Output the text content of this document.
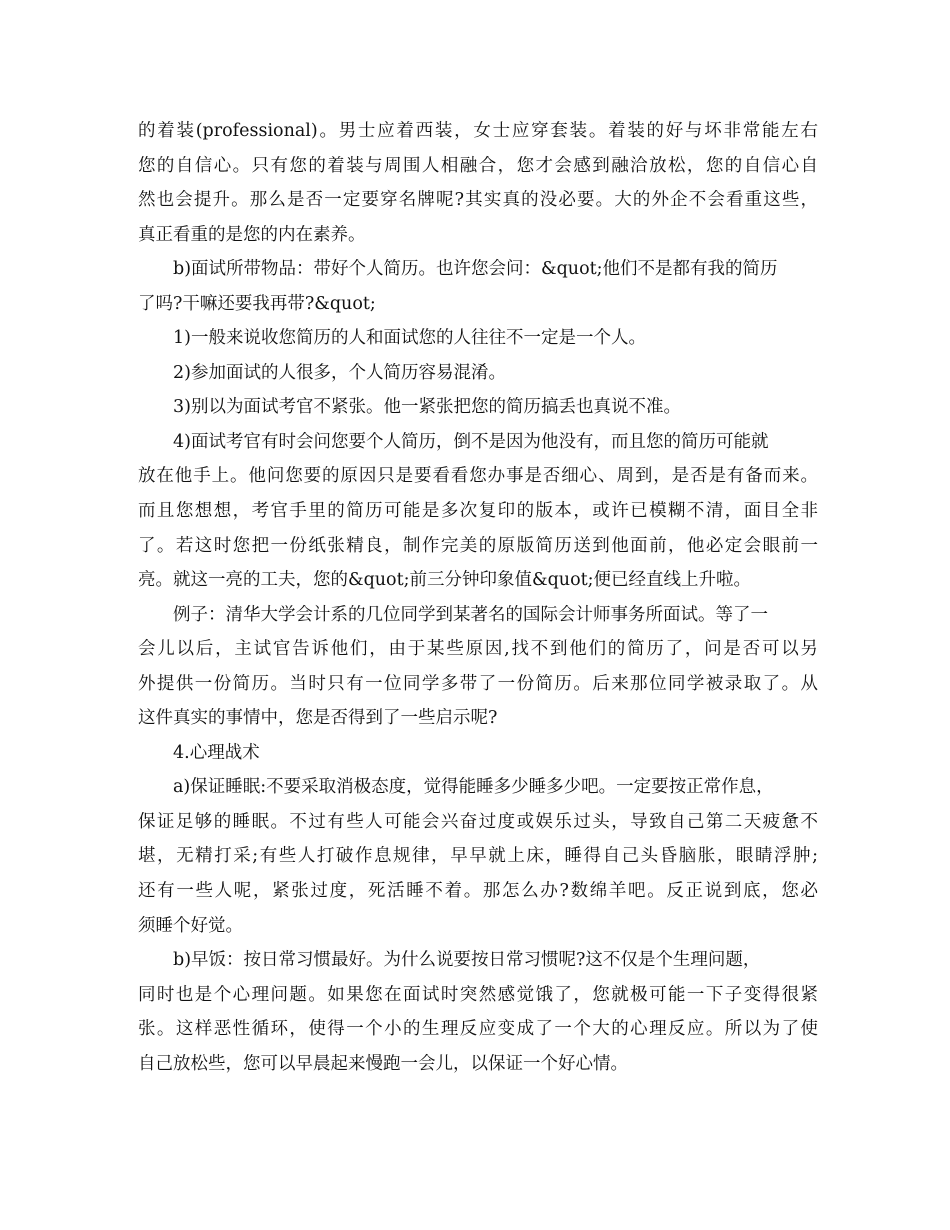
的着装(professional)。男士应着西装，女士应穿套装。着装的好与坏非常能左右
您的自信心。只有您的着装与周围人相融合，您才会感到融洽放松，您的自信心自
然也会提升。那么是否一定要穿名牌呢?其实真的没必要。大的外企不会看重这些，
真正看重的是您的内在素养。
b)面试所带物品：带好个人简历。也许您会问：&quot;他们不是都有我的简历
了吗?干嘛还要我再带?&quot;
1)一般来说收您简历的人和面试您的人往往不一定是一个人。
2)参加面试的人很多，个人简历容易混淆。
3)别以为面试考官不紧张。他一紧张把您的简历搞丢也真说不准。
4)面试考官有时会问您要个人简历，倒不是因为他没有，而且您的简历可能就
放在他手上。他问您要的原因只是要看看您办事是否细心、周到，是否是有备而来。
而且您想想，考官手里的简历可能是多次复印的版本，或许已模糊不清，面目全非
了。若这时您把一份纸张精良，制作完美的原版简历送到他面前，他必定会眼前一
亮。就这一亮的工夫，您的&quot;前三分钟印象值&quot;便已经直线上升啦。
例子：清华大学会计系的几位同学到某著名的国际会计师事务所面试。等了一
会儿以后，主试官告诉他们，由于某些原因,找不到他们的简历了，问是否可以另
外提供一份简历。当时只有一位同学多带了一份简历。后来那位同学被录取了。从
这件真实的事情中，您是否得到了一些启示呢?
4.心理战术
a)保证睡眠:不要采取消极态度，觉得能睡多少睡多少吧。一定要按正常作息，
保证足够的睡眠。不过有些人可能会兴奋过度或娱乐过头，导致自己第二天疲惫不
堪，无精打采;有些人打破作息规律，早早就上床，睡得自己头昏脑胀，眼睛浮肿;
还有一些人呢，紧张过度，死活睡不着。那怎么办?数绵羊吧。反正说到底，您必
须睡个好觉。
b)早饭：按日常习惯最好。为什么说要按日常习惯呢?这不仅是个生理问题，
同时也是个心理问题。如果您在面试时突然感觉饿了，您就极可能一下子变得很紧
张。这样恶性循环，使得一个小的生理反应变成了一个大的心理反应。所以为了使
自己放松些，您可以早晨起来慢跑一会儿，以保证一个好心情。
